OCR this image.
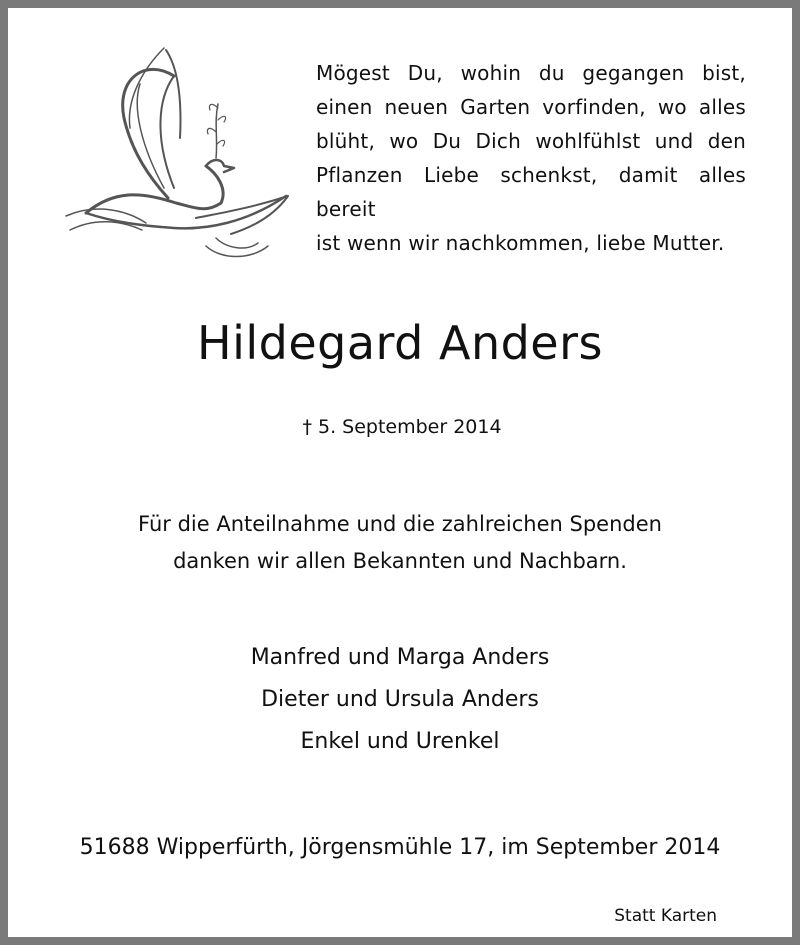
Mögest Du, wohin du gegangen bist,
einen neuen Garten vorfinden, wo alles
blüht, wo Du Dich wohlfühlst und den
Pflanzen Liebe schenkst, damit alles bereit
ist wenn wir nachkommen, liebe Mutter.
Hildegard Anders
† 5. September 2014
Für die Anteilnahme und die zahlreichen Spenden
danken wir allen Bekannten und Nachbarn.
Manfred und Marga Anders
Dieter und Ursula Anders
Enkel und Urenkel
51688 Wipperfürth, Jörgensmühle 17, im September 2014
Statt Karten
